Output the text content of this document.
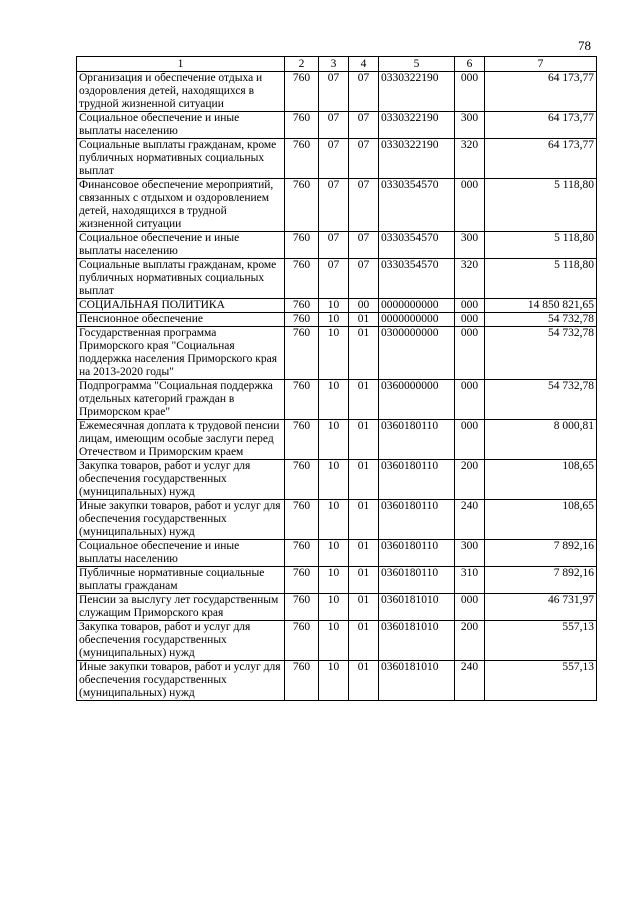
78
1	2	3	4	5	6	7
Организация и обеспечение отдыха и оздоровления детей, находящихся в трудной жизненной ситуации	760	07	07	0330322190	000	64 173,77
Социальное обеспечение и иные выплаты населению	760	07	07	0330322190	300	64 173,77
Социальные выплаты гражданам, кроме публичных нормативных социальных выплат	760	07	07	0330322190	320	64 173,77
Финансовое обеспечение мероприятий, связанных с отдыхом и оздоровлением детей, находящихся в трудной жизненной ситуации	760	07	07	0330354570	000	5 118,80
Социальное обеспечение и иные выплаты населению	760	07	07	0330354570	300	5 118,80
Социальные выплаты гражданам, кроме публичных нормативных социальных выплат	760	07	07	0330354570	320	5 118,80
СОЦИАЛЬНАЯ ПОЛИТИКА	760	10	00	0000000000	000	14 850 821,65
Пенсионное обеспечение	760	10	01	0000000000	000	54 732,78
Государственная программа Приморского края "Социальная поддержка населения Приморского края на 2013-2020 годы"	760	10	01	0300000000	000	54 732,78
Подпрограмма "Социальная поддержка отдельных категорий граждан в Приморском крае"	760	10	01	0360000000	000	54 732,78
Ежемесячная доплата к трудовой пенсии лицам, имеющим особые заслуги перед Отечеством и Приморским краем	760	10	01	0360180110	000	8 000,81
Закупка товаров, работ и услуг для обеспечения государственных (муниципальных) нужд	760	10	01	0360180110	200	108,65
Иные закупки товаров, работ и услуг для обеспечения государственных (муниципальных) нужд	760	10	01	0360180110	240	108,65
Социальное обеспечение и иные выплаты населению	760	10	01	0360180110	300	7 892,16
Публичные нормативные социальные выплаты гражданам	760	10	01	0360180110	310	7 892,16
Пенсии за выслугу лет государственным служащим Приморского края	760	10	01	0360181010	000	46 731,97
Закупка товаров, работ и услуг для обеспечения государственных (муниципальных) нужд	760	10	01	0360181010	200	557,13
Иные закупки товаров, работ и услуг для обеспечения государственных (муниципальных) нужд	760	10	01	0360181010	240	557,13
